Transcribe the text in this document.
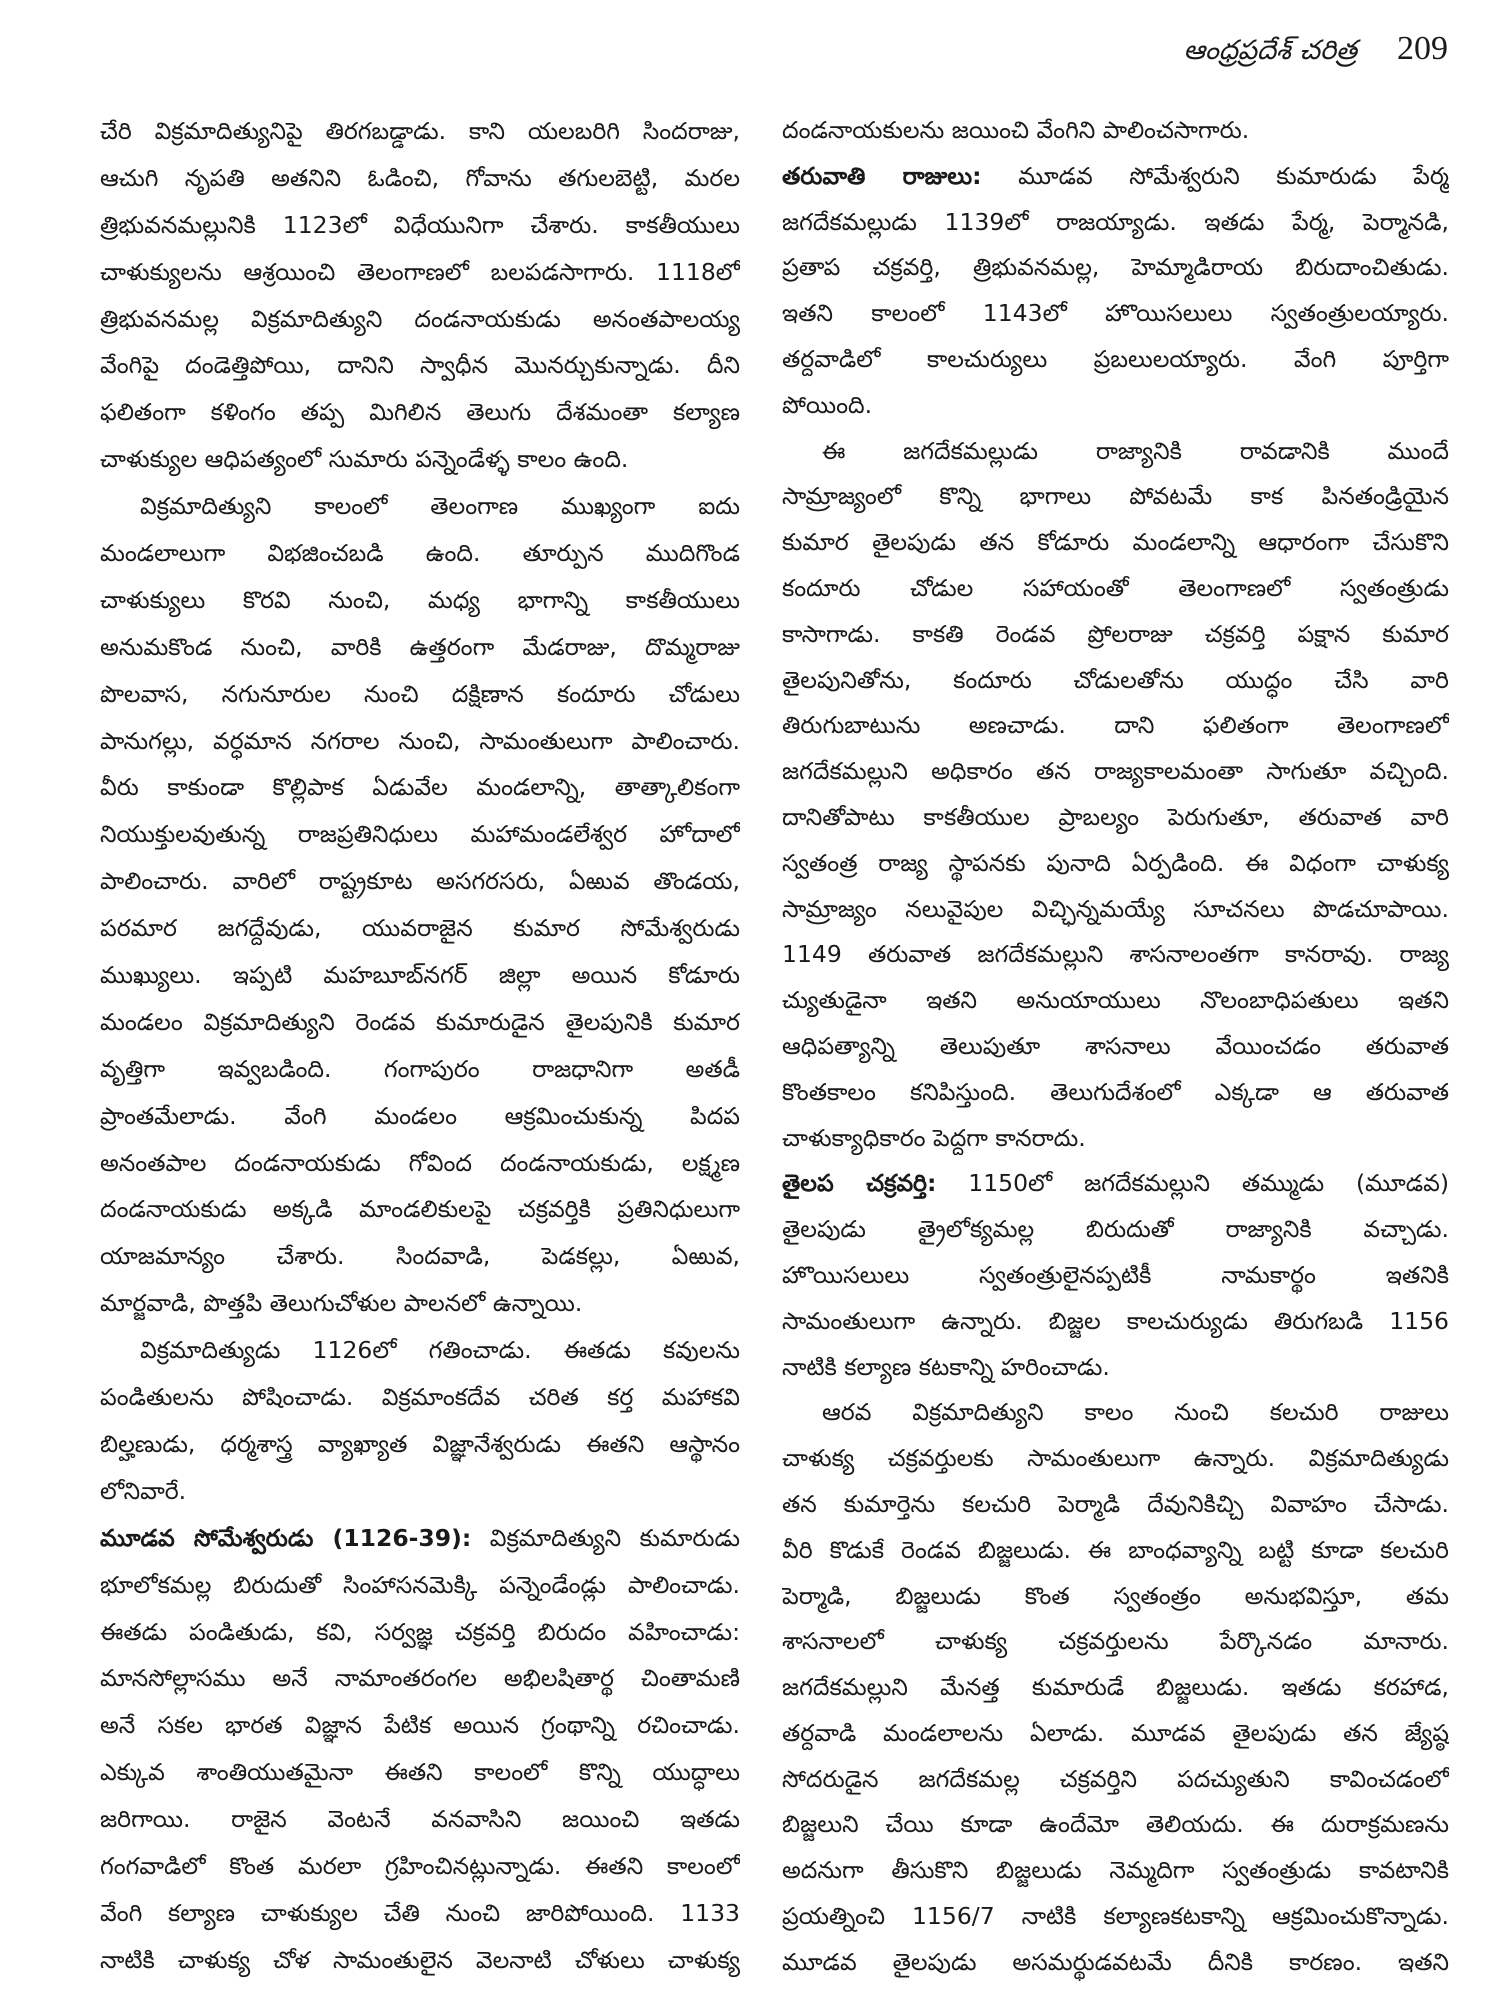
ఆంధ్రప్రదేశ్ చరిత్ర 209
చేరి విక్రమాదిత్యునిపై తిరగబడ్డాడు. కాని యలబరిగి సిందరాజు,
ఆచుగి నృపతి అతనిని ఓడించి, గోవాను తగులబెట్టి, మరల
త్రిభువనమల్లునికి 1123లో విధేయునిగా చేశారు. కాకతీయులు
చాళుక్యులను ఆశ్రయించి తెలంగాణలో బలపడసాగారు. 1118లో
త్రిభువనమల్ల విక్రమాదిత్యుని దండనాయకుడు అనంతపాలయ్య
వేంగిపై దండెత్తిపోయి, దానిని స్వాధీన మొనర్చుకున్నాడు. దీని
ఫలితంగా కళింగం తప్ప మిగిలిన తెలుగు దేశమంతా కల్యాణ
చాళుక్యుల ఆధిపత్యంలో సుమారు పన్నెండేళ్ళ కాలం ఉంది.
విక్రమాదిత్యుని కాలంలో తెలంగాణ ముఖ్యంగా ఐదు
మండలాలుగా విభజించబడి ఉంది. తూర్పున ముదిగొండ
చాళుక్యులు కొరవి నుంచి, మధ్య భాగాన్ని కాకతీయులు
అనుమకొండ నుంచి, వారికి ఉత్తరంగా మేడరాజు, దొమ్మరాజు
పొలవాస, నగునూరుల నుంచి దక్షిణాన కందూరు చోడులు
పానుగల్లు, వర్ధమాన నగరాల నుంచి, సామంతులుగా పాలించారు.
వీరు కాకుండా కొల్లిపాక ఏడువేల మండలాన్ని, తాత్కాలికంగా
నియుక్తులవుతున్న రాజప్రతినిధులు మహామండలేశ్వర హోదాలో
పాలించారు. వారిలో రాష్ట్రకూట అసగరసరు, ఏఱువ తొండయ,
పరమార జగద్దేవుడు, యువరాజైన కుమార సోమేశ్వరుడు
ముఖ్యులు. ఇప్పటి మహబూబ్‌నగర్ జిల్లా అయిన కోడూరు
మండలం విక్రమాదిత్యుని రెండవ కుమారుడైన తైలపునికి కుమార
వృత్తిగా ఇవ్వబడింది. గంగాపురం రాజధానిగా అతడీ
ప్రాంతమేలాడు. వేంగి మండలం ఆక్రమించుకున్న పిదప
అనంతపాల దండనాయకుడు గోవింద దండనాయకుడు, లక్ష్మణ
దండనాయకుడు అక్కడి మాండలికులపై చక్రవర్తికి ప్రతినిధులుగా
యాజమాన్యం చేశారు. సిందవాడి, పెడకల్లు, ఏఱువ,
మార్జవాడి, పొత్తపి తెలుగుచోళుల పాలనలో ఉన్నాయి.
విక్రమాదిత్యుడు 1126లో గతించాడు. ఈతడు కవులను
పండితులను పోషించాడు. విక్రమాంకదేవ చరిత కర్త మహాకవి
బిల్హణుడు, ధర్మశాస్త్ర వ్యాఖ్యాత విజ్ఞానేశ్వరుడు ఈతని ఆస్థానం
లోనివారే.
మూడవ సోమేశ్వరుడు (1126-39): విక్రమాదిత్యుని కుమారుడు
భూలోకమల్ల బిరుదుతో సింహాసనమెక్కి పన్నెండేండ్లు పాలించాడు.
ఈతడు పండితుడు, కవి, సర్వజ్ఞ చక్రవర్తి బిరుదం వహించాడు:
మానసోల్లాసము అనే నామాంతరంగల అభిలషితార్థ చింతామణి
అనే సకల భారత విజ్ఞాన పేటిక అయిన గ్రంథాన్ని రచించాడు.
ఎక్కువ శాంతియుతమైనా ఈతని కాలంలో కొన్ని యుద్ధాలు
జరిగాయి. రాజైన వెంటనే వనవాసిని జయించి ఇతడు
గంగవాడిలో కొంత మరలా గ్రహించినట్లున్నాడు. ఈతని కాలంలో
వేంగి కల్యాణ చాళుక్యుల చేతి నుంచి జారిపోయింది. 1133
నాటికి చాళుక్య చోళ సామంతులైన వెలనాటి చోళులు చాళుక్య
దండనాయకులను జయించి వేంగిని పాలించసాగారు.
తరువాతి రాజులు: మూడవ సోమేశ్వరుని కుమారుడు పేర్మ
జగదేకమల్లుడు 1139లో రాజయ్యాడు. ఇతడు పేర్మ, పెర్మానడి,
ప్రతాప చక్రవర్తి, త్రిభువనమల్ల, హెమ్మాడిరాయ బిరుదాంచితుడు.
ఇతని కాలంలో 1143లో హొయిసలులు స్వతంత్రులయ్యారు.
తర్దవాడిలో కాలచుర్యులు ప్రబలులయ్యారు. వేంగి పూర్తిగా
పోయింది.
ఈ జగదేకమల్లుడు రాజ్యానికి రావడానికి ముందే
సామ్రాజ్యంలో కొన్ని భాగాలు పోవటమే కాక పినతండ్రియైన
కుమార తైలపుడు తన కోడూరు మండలాన్ని ఆధారంగా చేసుకొని
కందూరు చోడుల సహాయంతో తెలంగాణలో స్వతంత్రుడు
కాసాగాడు. కాకతి రెండవ ప్రోలరాజు చక్రవర్తి పక్షాన కుమార
తైలపునితోను, కందూరు చోడులతోను యుద్ధం చేసి వారి
తిరుగుబాటును అణచాడు. దాని ఫలితంగా తెలంగాణలో
జగదేకమల్లుని అధికారం తన రాజ్యకాలమంతా సాగుతూ వచ్చింది.
దానితోపాటు కాకతీయుల ప్రాబల్యం పెరుగుతూ, తరువాత వారి
స్వతంత్ర రాజ్య స్థాపనకు పునాది ఏర్పడింది. ఈ విధంగా చాళుక్య
సామ్రాజ్యం నలువైపుల విచ్ఛిన్నమయ్యే సూచనలు పొడచూపాయి.
1149 తరువాత జగదేకమల్లుని శాసనాలంతగా కానరావు. రాజ్య
చ్యుతుడైనా ఇతని అనుయాయులు నొలంబాధిపతులు ఇతని
ఆధిపత్యాన్ని తెలుపుతూ శాసనాలు వేయించడం తరువాత
కొంతకాలం కనిపిస్తుంది. తెలుగుదేశంలో ఎక్కడా ఆ తరువాత
చాళుక్యాధికారం పెద్దగా కానరాదు.
తైలప చక్రవర్తి: 1150లో జగదేకమల్లుని తమ్ముడు (మూడవ)
తైలపుడు త్రైలోక్యమల్ల బిరుదుతో రాజ్యానికి వచ్చాడు.
హొయిసలులు స్వతంత్రులైనప్పటికీ నామకార్థం ఇతనికి
సామంతులుగా ఉన్నారు. బిజ్జల కాలచుర్యుడు తిరుగబడి 1156
నాటికి కల్యాణ కటకాన్ని హరించాడు.
ఆరవ విక్రమాదిత్యుని కాలం నుంచి కలచురి రాజులు
చాళుక్య చక్రవర్తులకు సామంతులుగా ఉన్నారు. విక్రమాదిత్యుడు
తన కుమార్తెను కలచురి పెర్మాడి దేవునికిచ్చి వివాహం చేసాడు.
వీరి కొడుకే రెండవ బిజ్జలుడు. ఈ బాంధవ్యాన్ని బట్టి కూడా కలచురి
పెర్మాడి, బిజ్జలుడు కొంత స్వతంత్రం అనుభవిస్తూ, తమ
శాసనాలలో చాళుక్య చక్రవర్తులను పేర్కొనడం మానారు.
జగదేకమల్లుని మేనత్త కుమారుడే బిజ్జలుడు. ఇతడు కరహాడ,
తర్దవాడి మండలాలను ఏలాడు. మూడవ తైలపుడు తన జ్యేష్ఠ
సోదరుడైన జగదేకమల్ల చక్రవర్తిని పదచ్యుతుని కావించడంలో
బిజ్జలుని చేయి కూడా ఉందేమో తెలియదు. ఈ దురాక్రమణను
అదనుగా తీసుకొని బిజ్జలుడు నెమ్మదిగా స్వతంత్రుడు కావటానికి
ప్రయత్నించి 1156/7 నాటికి కల్యాణకటకాన్ని ఆక్రమించుకొన్నాడు.
మూడవ తైలపుడు అసమర్థుడవటమే దీనికి కారణం. ఇతని
